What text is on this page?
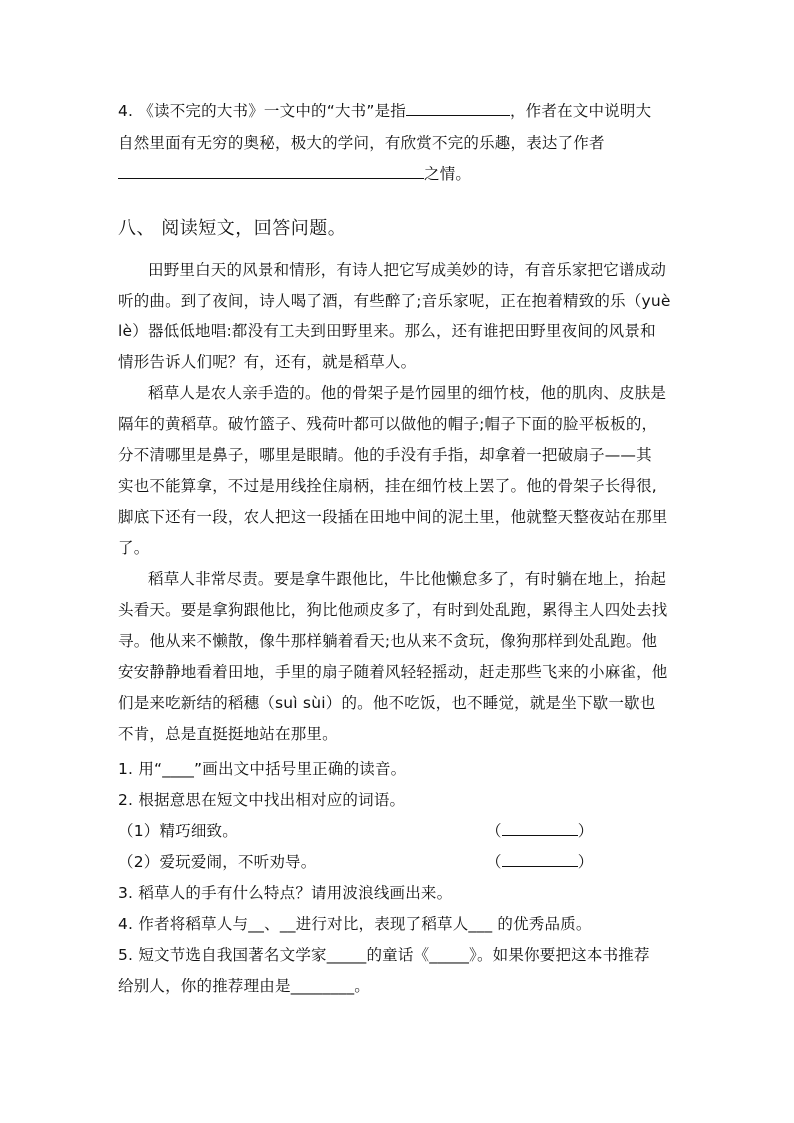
4. 《读不完的大书》一文中的“大书”是指	，作者在文中说明大
自然里面有无穷的奥秘，极大的学问，有欣赏不完的乐趣，表达了作者
之情。
八、 阅读短文，回答问题。
田野里白天的风景和情形，有诗人把它写成美妙的诗，有音乐家把它谱成动
听的曲。到了夜间，诗人喝了酒，有些醉了;音乐家呢，正在抱着精致的乐（yuè
lè）器低低地唱:都没有工夫到田野里来。那么，还有谁把田野里夜间的风景和
情形告诉人们呢？有，还有，就是稻草人。
稻草人是农人亲手造的。他的骨架子是竹园里的细竹枝，他的肌肉、皮肤是
隔年的黄稻草。破竹篮子、残荷叶都可以做他的帽子;帽子下面的脸平板板的，
分不清哪里是鼻子，哪里是眼睛。他的手没有手指，却拿着一把破扇子——其
实也不能算拿，不过是用线拴住扇柄，挂在细竹枝上罢了。他的骨架子长得很,
脚底下还有一段，农人把这一段插在田地中间的泥土里，他就整天整夜站在那里
了。
稻草人非常尽责。要是拿牛跟他比，牛比他懒怠多了，有时躺在地上，抬起
头看天。要是拿狗跟他比，狗比他顽皮多了，有时到处乱跑，累得主人四处去找
寻。他从来不懒散，像牛那样躺着看天;也从来不贪玩，像狗那样到处乱跑。他
安安静静地看着田地，手里的扇子随着风轻轻摇动，赶走那些飞来的小麻雀，他
们是来吃新结的稻穗（suì sùi）的。他不吃饭，也不睡觉，就是坐下歇一歇也
不肯，总是直挺挺地站在那里。
1. 用“____”画出文中括号里正确的读音。
2. 根据意思在短文中找出相对应的词语。
（1）精巧细致。	（	）
（2）爱玩爱闹，不听劝导。	（	）
3. 稻草人的手有什么特点？请用波浪线画出来。
4. 作者将稻草人与__、__进行对比，表现了稻草人___ 的优秀品质。
5. 短文节选自我国著名文学家_____的童话《_____》。如果你要把这本书推荐
给别人，你的推荐理由是________。
